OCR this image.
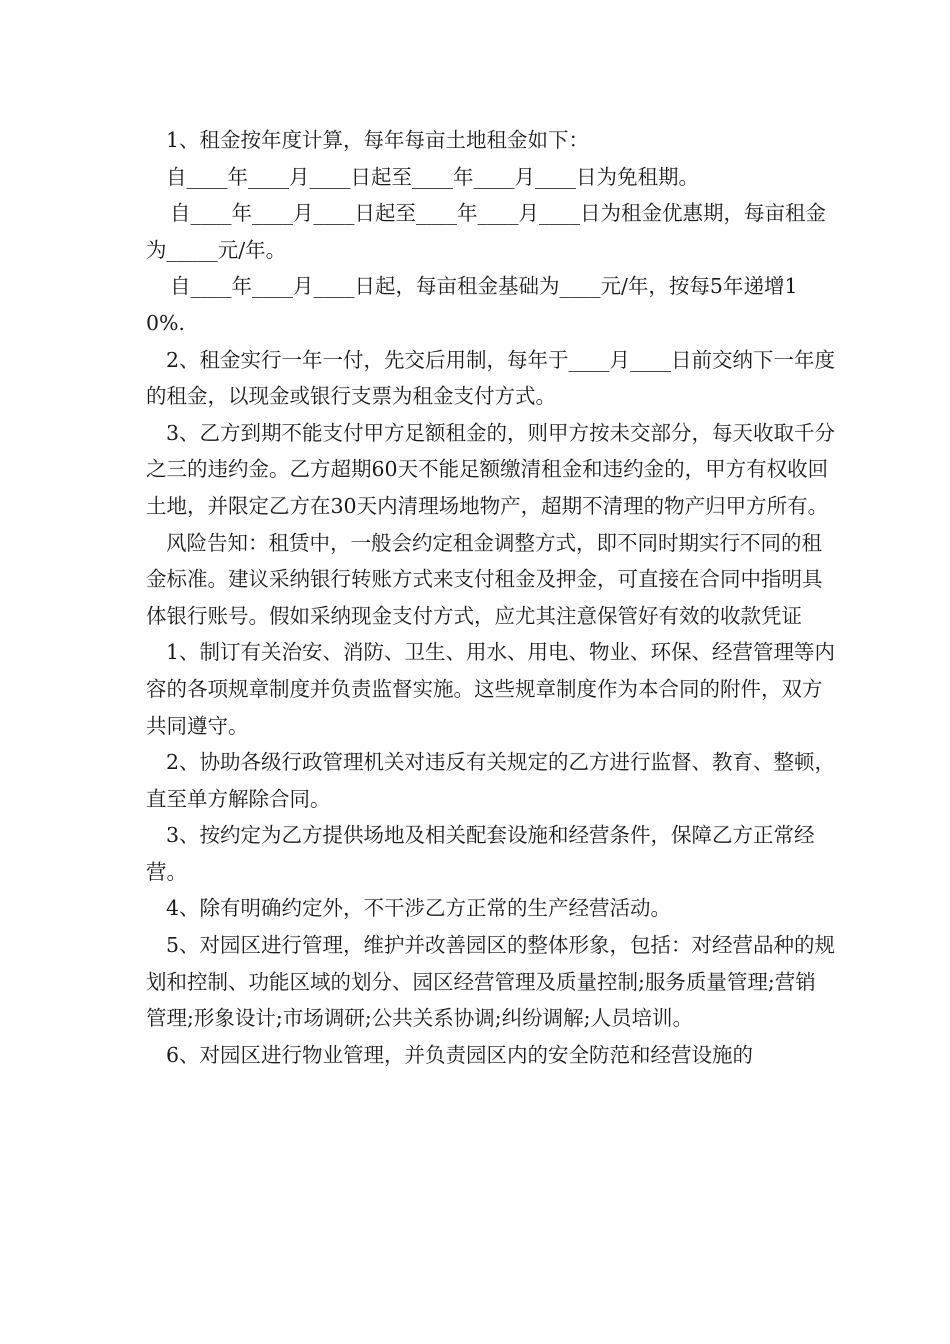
1、租金按年度计算，每年每亩土地租金如下：

自____年____月____日起至____年____月____日为免租期。

自____年____月____日起至____年____月____日为租金优惠期，每亩租金为_____元/年。

自____年____月____日起，每亩租金基础为____元/年，按每5年递增10%.

2、租金实行一年一付，先交后用制，每年于____月____日前交纳下一年度的租金，以现金或银行支票为租金支付方式。

3、乙方到期不能支付甲方足额租金的，则甲方按未交部分，每天收取千分之三的违约金。乙方超期60天不能足额缴清租金和违约金的，甲方有权收回土地，并限定乙方在30天内清理场地物产，超期不清理的物产归甲方所有。

风险告知：租赁中，一般会约定租金调整方式，即不同时期实行不同的租金标准。建议采纳银行转账方式来支付租金及押金，可直接在合同中指明具体银行账号。假如采纳现金支付方式，应尤其注意保管好有效的收款凭证

1、制订有关治安、消防、卫生、用水、用电、物业、环保、经营管理等内容的各项规章制度并负责监督实施。这些规章制度作为本合同的附件，双方共同遵守。

2、协助各级行政管理机关对违反有关规定的乙方进行监督、教育、整顿，直至单方解除合同。

3、按约定为乙方提供场地及相关配套设施和经营条件，保障乙方正常经营。

4、除有明确约定外，不干涉乙方正常的生产经营活动。

5、对园区进行管理，维护并改善园区的整体形象，包括：对经营品种的规划和控制、功能区域的划分、园区经营管理及质量控制;服务质量管理;营销管理;形象设计;市场调研;公共关系协调;纠纷调解;人员培训。

6、对园区进行物业管理，并负责园区内的安全防范和经营设施的
